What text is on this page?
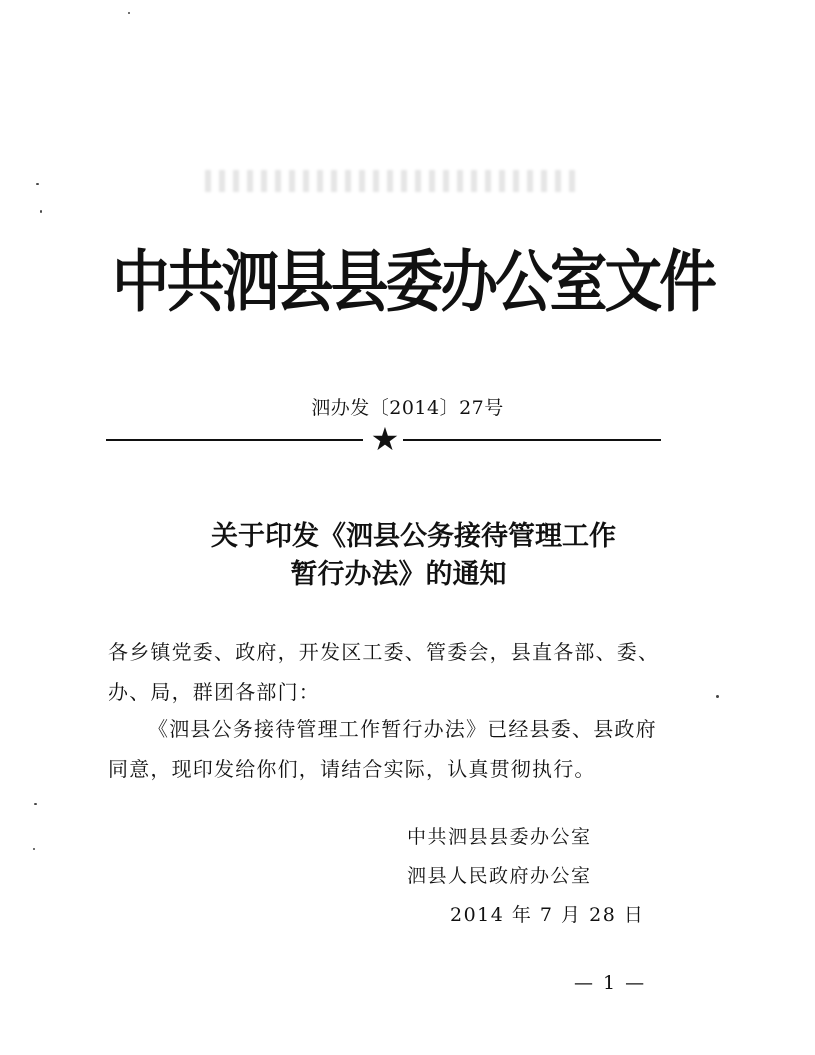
中共泗县县委办公室文件
泗办发〔2014〕27号
★
关于印发《泗县公务接待管理工作
暂行办法》的通知
各乡镇党委、政府，开发区工委、管委会，县直各部、委、办、局，群团各部门：
《泗县公务接待管理工作暂行办法》已经县委、县政府同意，现印发给你们，请结合实际，认真贯彻执行。
中共泗县县委办公室
泗县人民政府办公室
2014 年 7 月 28 日
— 1 —
